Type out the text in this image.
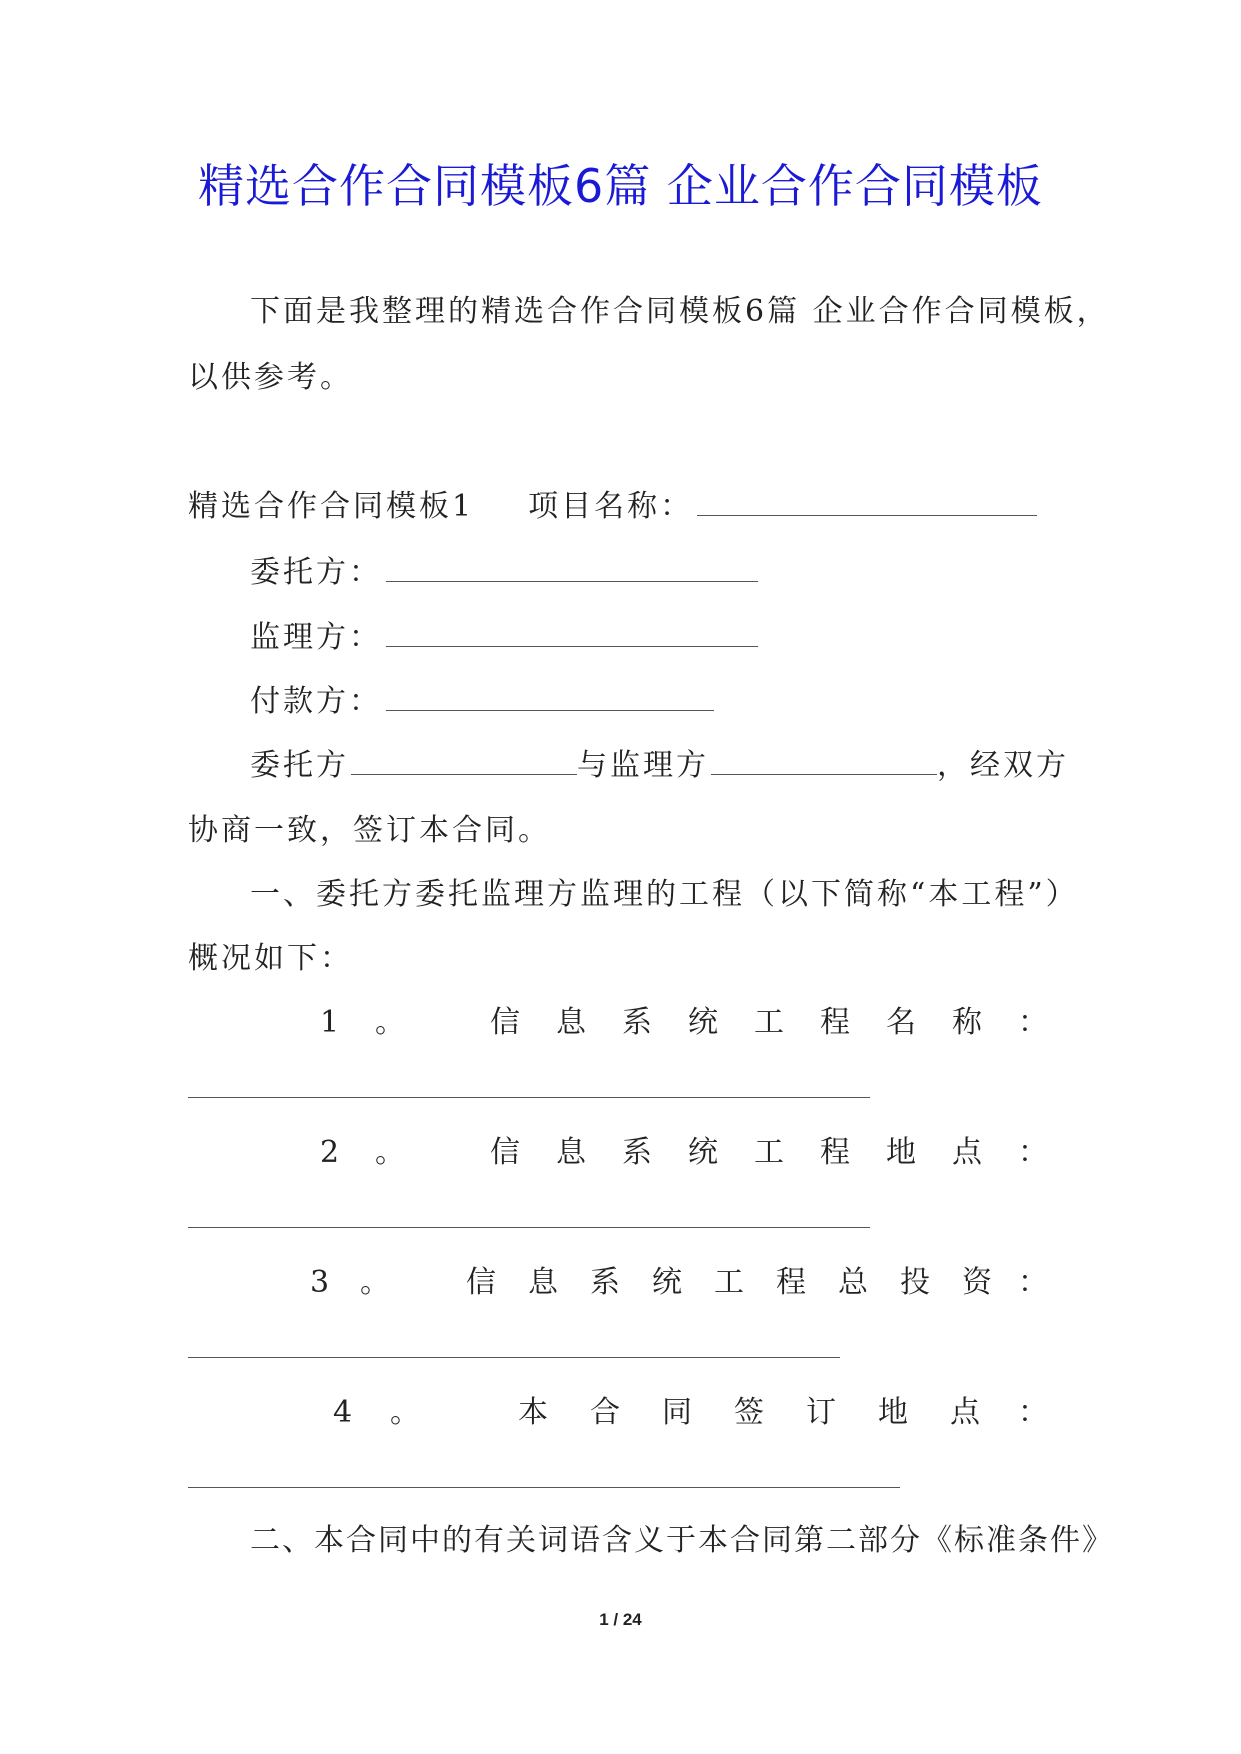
精选合作合同模板6篇 企业合作合同模板
下面是我整理的精选合作合同模板6篇 企业合作合同模板，
以供参考。
精选合作合同模板1 项目名称：
委托方：
监理方：
付款方：
委托方	与监理方	，经双方
协商一致，签订本合同。
一、委托方委托监理方监理的工程（以下简称“本工程”）
概况如下：
1 。	信 息 系 统 工 程 名 称 ：
2 。	信 息 系 统 工 程 地 点 ：
3 。	信 息 系 统 工 程 总 投 资 ：
4 。	本 合 同 签 订 地 点 ：
二、本合同中的有关词语含义于本合同第二部分《标准条件》
1 / 24
